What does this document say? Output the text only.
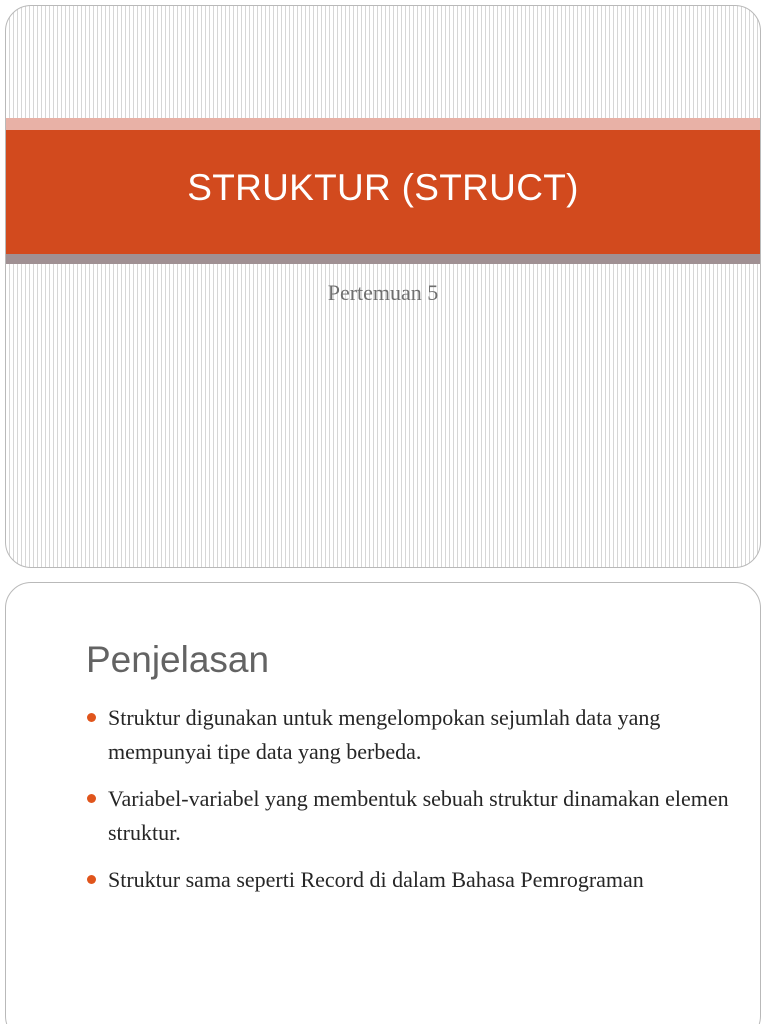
STRUKTUR (STRUCT)
Pertemuan 5
Penjelasan
Struktur digunakan untuk mengelompokan sejumlah data yang mempunyai tipe data yang berbeda.
Variabel-variabel yang membentuk sebuah struktur dinamakan elemen struktur.
Struktur sama seperti Record di dalam Bahasa Pemrograman
